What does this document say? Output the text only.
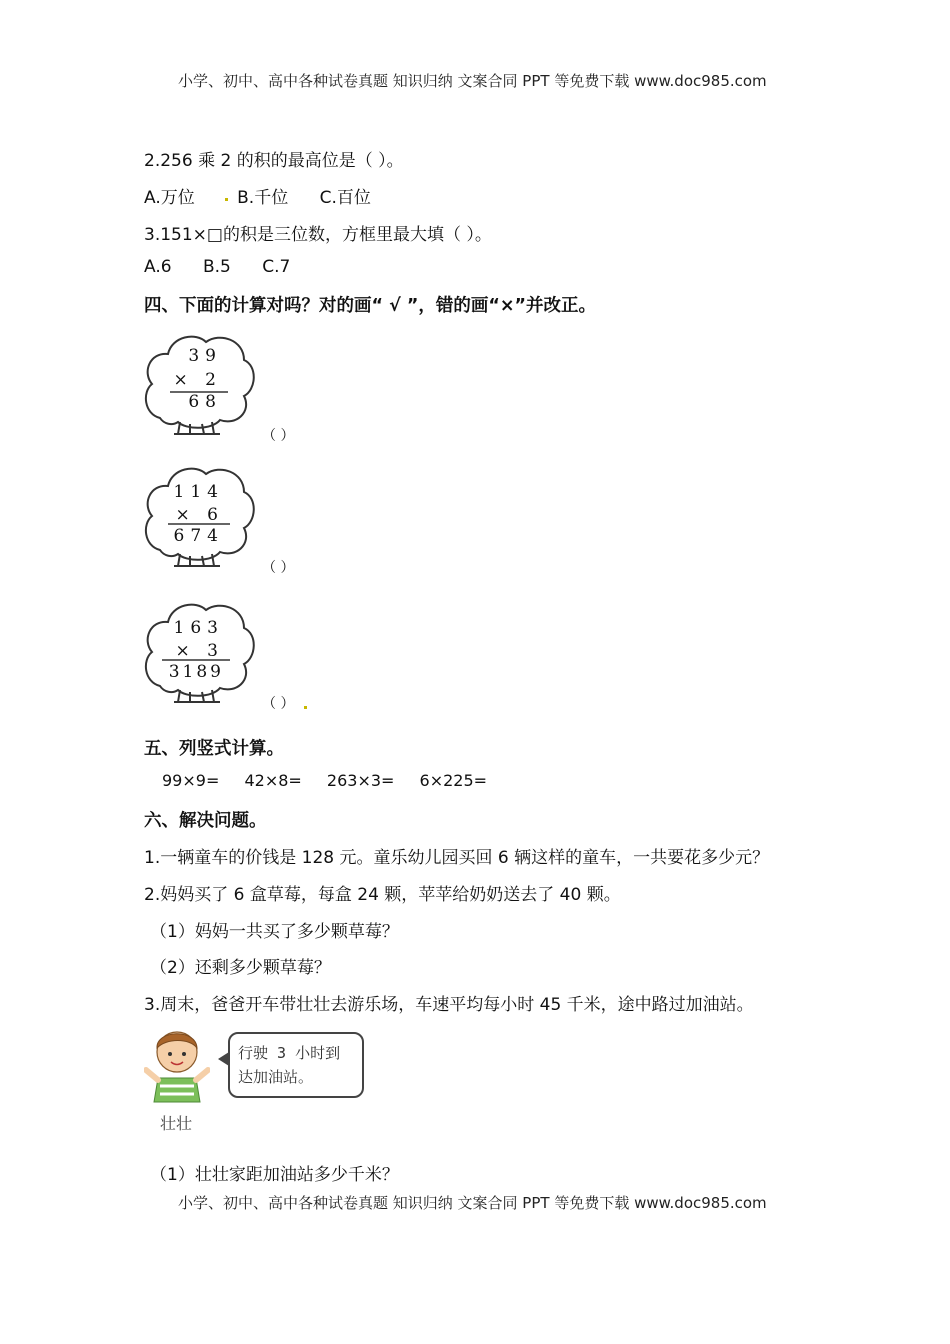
小学、初中、高中各种试卷真题 知识归纳 文案合同 PPT 等免费下载 www.doc985.com
2.256 乘 2 的积的最高位是（ ）。
A.万位 B.千位 C.百位
3.151×□的积是三位数，方框里最大填（ ）。
A.6 B.5 C.7
四、下面的计算对吗？对的画“ √ ”，错的画“×”并改正。
39
× 2
68
（ ）
114
× 6
674
（ ）
163
× 3
3189
（ ）
五、列竖式计算。
99×9= 42×8= 263×3= 6×225=
六、解决问题。
1.一辆童车的价钱是 128 元。童乐幼儿园买回 6 辆这样的童车，一共要花多少元？
2.妈妈买了 6 盒草莓，每盒 24 颗，苹苹给奶奶送去了 40 颗。
（1）妈妈一共买了多少颗草莓？
（2）还剩多少颗草莓？
3.周末，爸爸开车带壮壮去游乐场，车速平均每小时 45 千米，途中路过加油站。
行驶 3 小时到
达加油站。
壮壮
（1）壮壮家距加油站多少千米？
小学、初中、高中各种试卷真题 知识归纳 文案合同 PPT 等免费下载 www.doc985.com
